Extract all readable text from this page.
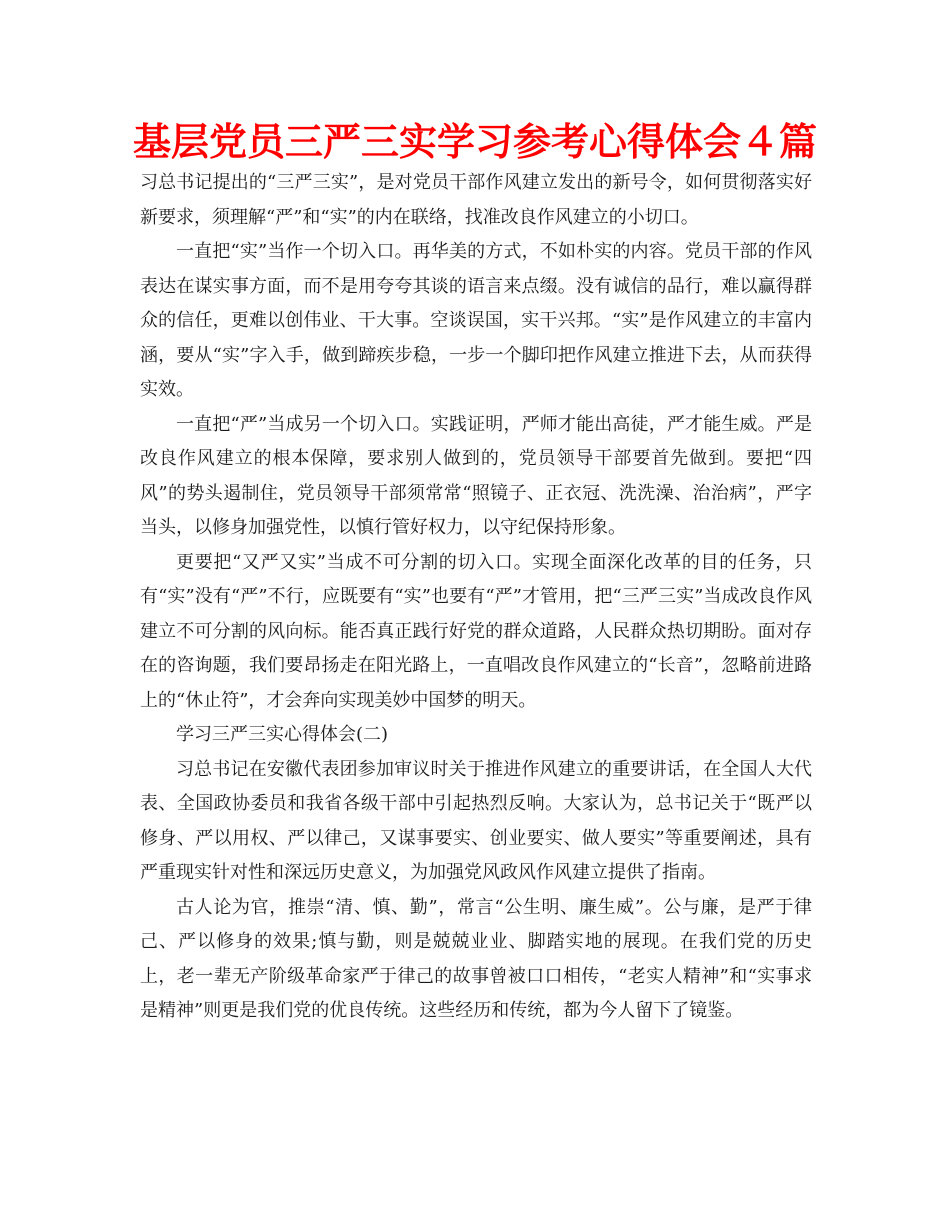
基层党员三严三实学习参考心得体会４篇

习总书记提出的“三严三实”，是对党员干部作风建立发出的新号令，如何贯彻落实好新要求，须理解“严”和“实”的内在联络，找准改良作风建立的小切口。

一直把“实”当作一个切入口。再华美的方式，不如朴实的内容。党员干部的作风表达在谋实事方面，而不是用夸夸其谈的语言来点缀。没有诚信的品行，难以赢得群众的信任，更难以创伟业、干大事。空谈误国，实干兴邦。“实”是作风建立的丰富内涵，要从“实”字入手，做到蹄疾步稳，一步一个脚印把作风建立推进下去，从而获得实效。

一直把“严”当成另一个切入口。实践证明，严师才能出高徒，严才能生威。严是改良作风建立的根本保障，要求别人做到的，党员领导干部要首先做到。要把“四风”的势头遏制住，党员领导干部须常常“照镜子、正衣冠、洗洗澡、治治病”，严字当头，以修身加强党性，以慎行管好权力，以守纪保持形象。

更要把“又严又实”当成不可分割的切入口。实现全面深化改革的目的任务，只有“实”没有“严”不行，应既要有“实”也要有“严”才管用，把“三严三实”当成改良作风建立不可分割的风向标。能否真正践行好党的群众道路，人民群众热切期盼。面对存在的咨询题，我们要昂扬走在阳光路上，一直唱改良作风建立的“长音”，忽略前进路上的“休止符”，才会奔向实现美妙中国梦的明天。

学习三严三实心得体会(二)

习总书记在安徽代表团参加审议时关于推进作风建立的重要讲话，在全国人大代表、全国政协委员和我省各级干部中引起热烈反响。大家认为，总书记关于“既严以修身、严以用权、严以律己，又谋事要实、创业要实、做人要实”等重要阐述，具有严重现实针对性和深远历史意义，为加强党风政风作风建立提供了指南。

古人论为官，推崇“清、慎、勤”，常言“公生明、廉生威”。公与廉，是严于律己、严以修身的效果;慎与勤，则是兢兢业业、脚踏实地的展现。在我们党的历史上，老一辈无产阶级革命家严于律己的故事曾被口口相传，“老实人精神”和“实事求是精神”则更是我们党的优良传统。这些经历和传统，都为今人留下了镜鉴。
